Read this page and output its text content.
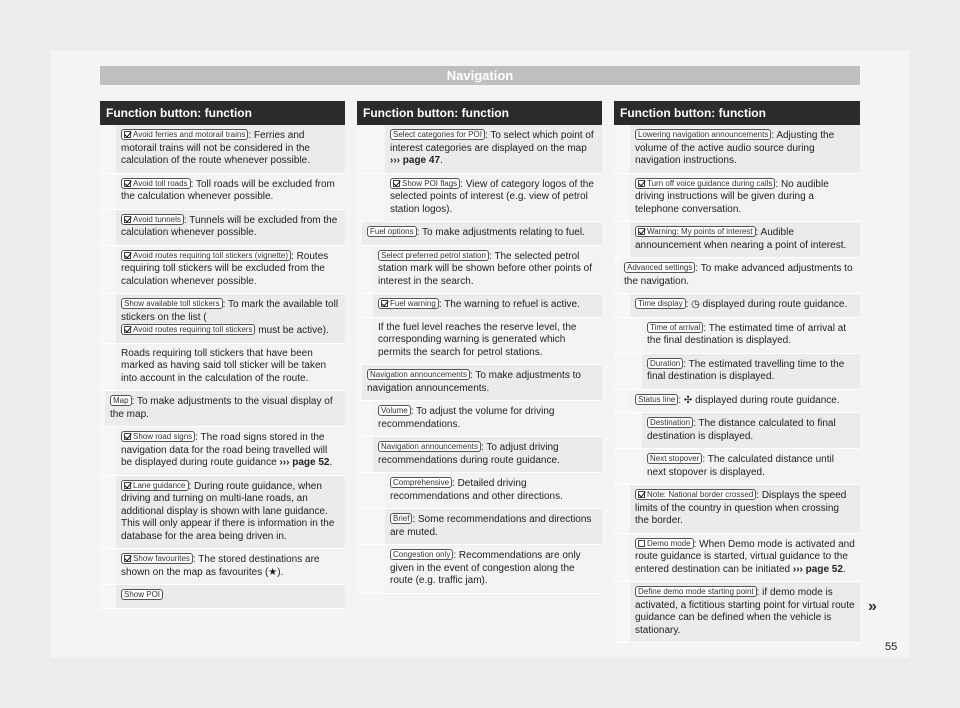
Navigation
Function button: function
Avoid ferries and motorail trains : Ferries and motorail trains will not be considered in the calculation of the route whenever possible.
Avoid toll roads : Toll roads will be excluded from the calculation whenever possible.
Avoid tunnels : Tunnels will be excluded from the calculation whenever possible.
Avoid routes requiring toll stickers (vignette) : Routes requiring toll stickers will be excluded from the calculation whenever possible.
Show available toll stickers : To mark the available toll stickers on the list (Avoid routes requiring toll stickers must be active).
Roads requiring toll stickers that have been marked as having said toll sticker will be taken into account in the calculation of the route.
Map : To make adjustments to the visual display of the map.
Show road signs : The road signs stored in the navigation data for the road being travelled will be displayed during route guidance ››› page 52.
Lane guidance : During route guidance, when driving and turning on multi-lane roads, an additional display is shown with lane guidance. This will only appear if there is information in the database for the area being driven in.
Show favourites : The stored destinations are shown on the map as favourites (★).
Show POI
Function button: function
Select categories for POI : To select which point of interest categories are displayed on the map ››› page 47.
Show POI flags : View of category logos of the selected points of interest (e.g. view of petrol station logos).
Fuel options : To make adjustments relating to fuel.
Select preferred petrol station : The selected petrol station mark will be shown before other points of interest in the search.
Fuel warning : The warning to refuel is active.
If the fuel level reaches the reserve level, the corresponding warning is generated which permits the search for petrol stations.
Navigation announcements : To make adjustments to navigation announcements.
Volume : To adjust the volume for driving recommendations.
Navigation announcements : To adjust driving recommendations during route guidance.
Comprehensive : Detailed driving recommendations and other directions.
Brief : Some recommendations and directions are muted.
Congestion only : Recommendations are only given in the event of congestion along the route (e.g. traffic jam).
Function button: function
Lowering navigation announcements : Adjusting the volume of the active audio source during navigation instructions.
Turn off voice guidance during calls : No audible driving instructions will be given during a telephone conversation.
Warning: My points of interest : Audible announcement when nearing a point of interest.
Advanced settings : To make advanced adjustments to the navigation.
Time display : ◷ displayed during route guidance.
Time of arrival : The estimated time of arrival at the final destination is displayed.
Duration : The estimated travelling time to the final destination is displayed.
Status line : ✣ displayed during route guidance.
Destination : The distance calculated to final destination is displayed.
Next stopover : The calculated distance until next stopover is displayed.
Note: National border crossed : Displays the speed limits of the country in question when crossing the border.
Demo mode : When Demo mode is activated and route guidance is started, virtual guidance to the entered destination can be initiated ››› page 52.
Define demo mode starting point : if demo mode is activated, a fictitious starting point for virtual route guidance can be defined when the vehicle is stationary.
»
55
